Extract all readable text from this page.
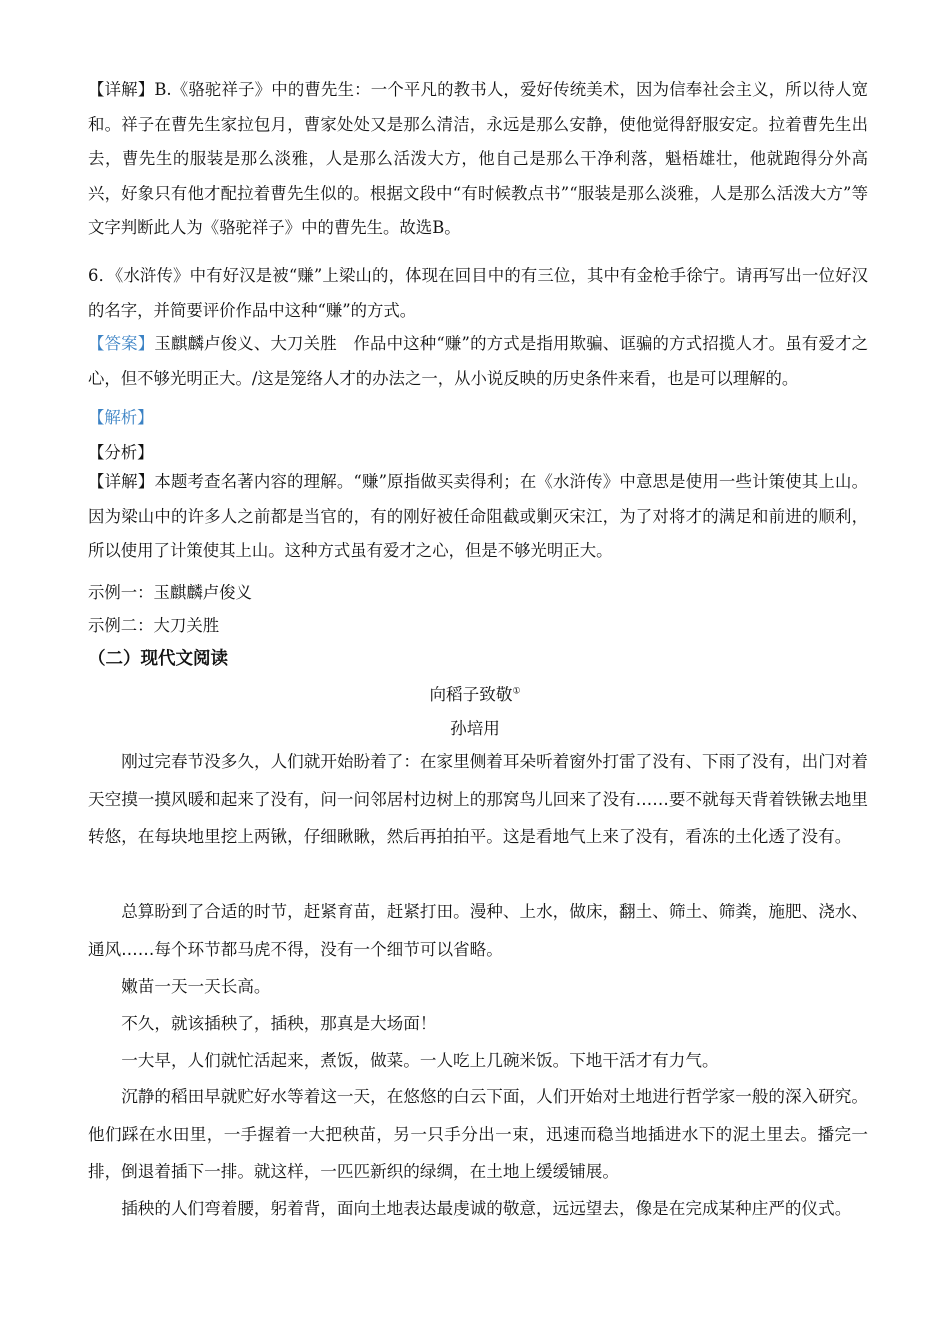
【详解】B.《骆驼祥子》中的曹先生：一个平凡的教书人，爱好传统美术，因为信奉社会主义，所以待人宽和。祥子在曹先生家拉包月，曹家处处又是那么清洁，永远是那么安静，使他觉得舒服安定。拉着曹先生出去，曹先生的服装是那么淡雅，人是那么活泼大方，他自己是那么干净利落，魁梧雄壮，他就跑得分外高兴，好象只有他才配拉着曹先生似的。根据文段中“有时候教点书”“服装是那么淡雅，人是那么活泼大方”等文字判断此人为《骆驼祥子》中的曹先生。故选B。
6．《水浒传》中有好汉是被“赚”上梁山的，体现在回目中的有三位，其中有金枪手徐宁。请再写出一位好汉的名字，并简要评价作品中这种“赚”的方式。
【答案】玉麒麟卢俊义、大刀关胜　作品中这种“赚”的方式是指用欺骗、诓骗的方式招揽人才。虽有爱才之心，但不够光明正大。/这是笼络人才的办法之一，从小说反映的历史条件来看，也是可以理解的。
【解析】
【分析】
【详解】本题考查名著内容的理解。“赚”原指做买卖得利；在《水浒传》中意思是使用一些计策使其上山。因为梁山中的许多人之前都是当官的，有的刚好被任命阻截或剿灭宋江，为了对将才的满足和前进的顺利，所以使用了计策使其上山。这种方式虽有爱才之心，但是不够光明正大。
示例一：玉麒麟卢俊义
示例二：大刀关胜
（二）现代文阅读
向稻子致敬①
孙培用
刚过完春节没多久，人们就开始盼着了：在家里侧着耳朵听着窗外打雷了没有、下雨了没有，出门对着天空摸一摸风暖和起来了没有，问一问邻居村边树上的那窝鸟儿回来了没有……要不就每天背着铁锹去地里转悠，在每块地里挖上两锹，仔细瞅瞅，然后再拍拍平。这是看地气上来了没有，看冻的土化透了没有。
总算盼到了合适的时节，赶紧育苗，赶紧打田。漫种、上水，做床，翻土、筛土、筛粪，施肥、浇水、通风……每个环节都马虎不得，没有一个细节可以省略。
嫩苗一天一天长高。
不久，就该插秧了，插秧，那真是大场面！
一大早，人们就忙活起来，煮饭，做菜。一人吃上几碗米饭。下地干活才有力气。
沉静的稻田早就贮好水等着这一天，在悠悠的白云下面，人们开始对土地进行哲学家一般的深入研究。他们踩在水田里，一手握着一大把秧苗，另一只手分出一束，迅速而稳当地插进水下的泥土里去。播完一排，倒退着插下一排。就这样，一匹匹新织的绿绸，在土地上缓缓铺展。
插秧的人们弯着腰，躬着背，面向土地表达最虔诚的敬意，远远望去，像是在完成某种庄严的仪式。
